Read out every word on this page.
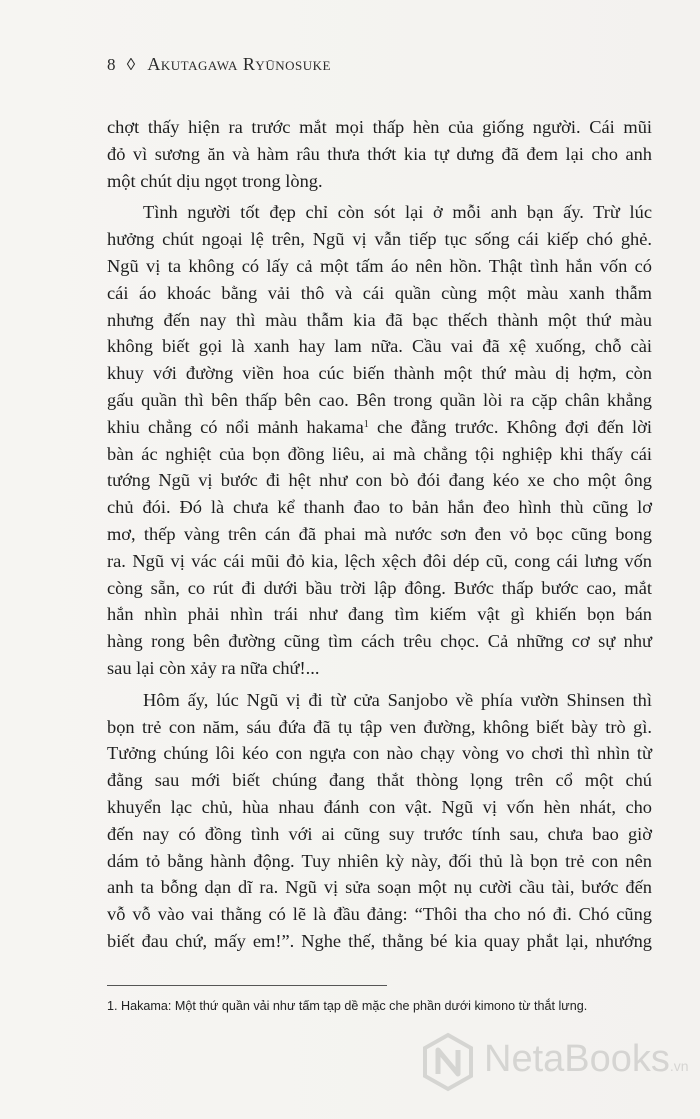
8 ◊ Akutagawa Ryūnosuke
chợt thấy hiện ra trước mắt mọi thấp hèn của giống người. Cái mũi
đỏ vì sương ăn và hàm râu thưa thớt kia tự dưng đã đem lại cho anh
một chút dịu ngọt trong lòng.
Tình người tốt đẹp chỉ còn sót lại ở mỗi anh bạn ấy. Trừ lúc
hưởng chút ngoại lệ trên, Ngũ vị vẫn tiếp tục sống cái kiếp chó ghẻ.
Ngũ vị ta không có lấy cả một tấm áo nên hồn. Thật tình hắn vốn có
cái áo khoác bằng vải thô và cái quần cùng một màu xanh thẫm
nhưng đến nay thì màu thẫm kia đã bạc thếch thành một thứ màu
không biết gọi là xanh hay lam nữa. Cầu vai đã xệ xuống, chỗ cài
khuy với đường viền hoa cúc biến thành một thứ màu dị hợm, còn
gấu quần thì bên thấp bên cao. Bên trong quần lòi ra cặp chân khẳng
khiu chẳng có nổi mảnh hakama$^1$ che đằng trước. Không đợi đến lời
bàn ác nghiệt của bọn đồng liêu, ai mà chẳng tội nghiệp khi thấy cái
tướng Ngũ vị bước đi hệt như con bò đói đang kéo xe cho một ông
chủ đói. Đó là chưa kể thanh đao to bản hắn đeo hình thù cũng lơ
mơ, thếp vàng trên cán đã phai mà nước sơn đen vỏ bọc cũng bong
ra. Ngũ vị vác cái mũi đỏ kia, lệch xệch đôi dép cũ, cong cái lưng vốn
còng sẵn, co rút đi dưới bầu trời lập đông. Bước thấp bước cao, mắt
hắn nhìn phải nhìn trái như đang tìm kiếm vật gì khiến bọn bán
hàng rong bên đường cũng tìm cách trêu chọc. Cả những cơ sự như
sau lại còn xảy ra nữa chứ!...
Hôm ấy, lúc Ngũ vị đi từ cửa Sanjobo về phía vườn Shinsen thì
bọn trẻ con năm, sáu đứa đã tụ tập ven đường, không biết bày trò gì.
Tưởng chúng lôi kéo con ngựa con nào chạy vòng vo chơi thì nhìn từ
đằng sau mới biết chúng đang thắt thòng lọng trên cổ một chú
khuyển lạc chủ, hùa nhau đánh con vật. Ngũ vị vốn hèn nhát, cho
đến nay có đồng tình với ai cũng suy trước tính sau, chưa bao giờ
dám tỏ bằng hành động. Tuy nhiên kỳ này, đối thủ là bọn trẻ con nên
anh ta bỗng dạn dĩ ra. Ngũ vị sửa soạn một nụ cười cầu tài, bước đến
vỗ vỗ vào vai thằng có lẽ là đầu đảng: “Thôi tha cho nó đi. Chó cũng
biết đau chứ, mấy em!”. Nghe thế, thằng bé kia quay phắt lại, nhướng
1. Hakama: Một thứ quần vải như tấm tạp dề mặc che phần dưới kimono từ thắt lưng.
NetaBooks.vn
